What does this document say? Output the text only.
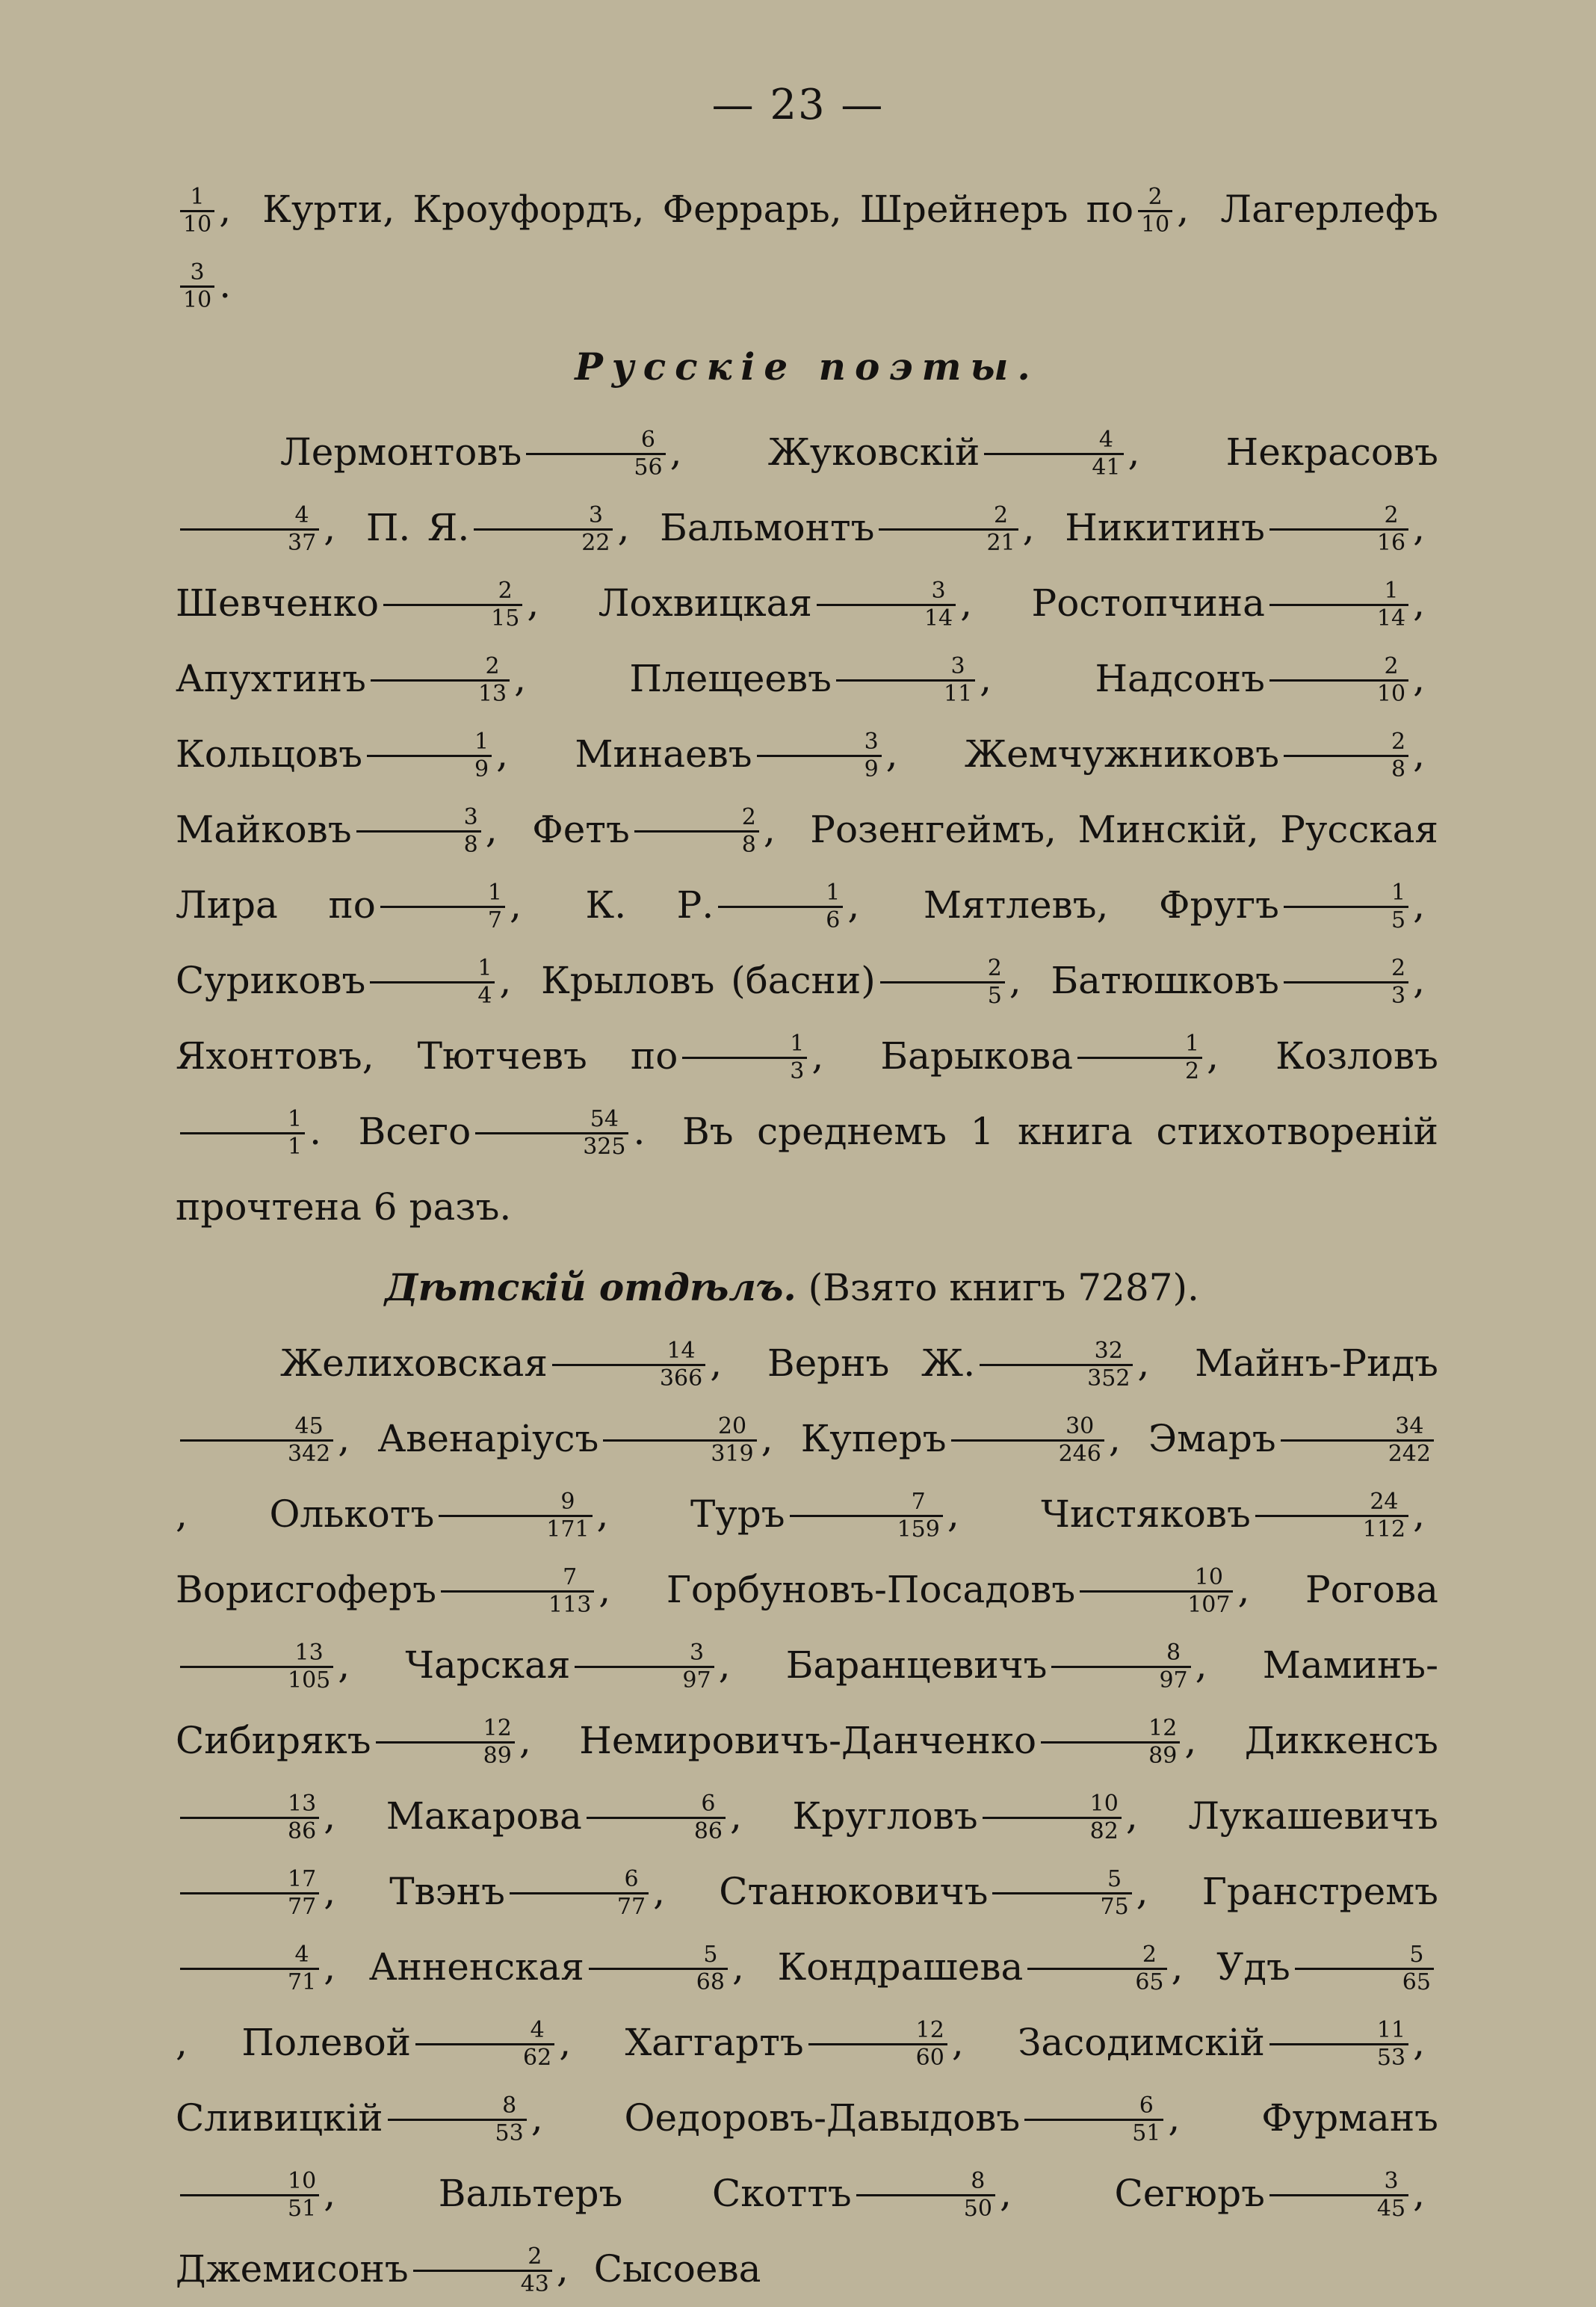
— 23 —

$\frac{1}{10}$ , Курти, Кроуфордъ, Феррарь, Шрейнеръ по $\frac{2}{10}$ , Лагерлефъ
$\frac{3}{10}$ .

Русскіе поэты.

Лермонтовъ $\frac{6}{56}$ , Жуковскій $\frac{4}{41}$ , Некрасовъ
$\frac{4}{37}$ , П. Я. $\frac{3}{22}$ , Бальмонтъ $\frac{2}{21}$ , Никитинъ $\frac{2}{16}$ , Шевченко $\frac{2}{15}$ , Лохвицкая $\frac{3}{14}$ , Ростопчина $\frac{1}{14}$ , Апухтинъ $\frac{2}{13}$ ,	Плещеевъ $\frac{3}{11}$ ,	Надсонъ $\frac{2}{10}$ , Кольцовъ $\frac{1}{9}$ , Минаевъ $\frac{3}{9}$ , Жемчужниковъ $\frac{2}{8}$ , Майковъ $\frac{3}{8}$ , Фетъ $\frac{2}{8}$ , Розенгеймъ, Минскій, Русская Лира по $\frac{1}{7}$ , К. Р. $\frac{1}{6}$ , Мятлевъ, Фругъ $\frac{1}{5}$ , Суриковъ $\frac{1}{4}$ , Крыловъ (басни) $\frac{2}{5}$ , Батюшковъ $\frac{2}{3}$ , Яхонтовъ, Тютчевъ по $\frac{1}{3}$ , Барыкова $\frac{1}{2}$ , Козловъ
$\frac{1}{1}$ . Всего $\frac{54}{325}$ . Въ среднемъ 1 книга стихотвореній прочтена 6 разъ.

Дѣтскій отдѣлъ. (Взято книгъ 7287).

Желиховская $\frac{14}{366}$ , Вернъ Ж. $\frac{32}{352}$ , Майнъ-Ридъ
$\frac{45}{342}$ , Авенаріусъ $\frac{20}{319}$ , Куперъ $\frac{30}{246}$ , Эмаръ $\frac{34}{242}$
, Олькотъ $\frac{9}{171}$ , Туръ $\frac{7}{159}$ , Чистяковъ $\frac{24}{112}$ , Ворисгоферъ $\frac{7}{113}$ , Горбуновъ-Посадовъ $\frac{10}{107}$ , Рогова
$\frac{13}{105}$ , Чарская $\frac{3}{97}$ , Баранцевичъ $\frac{8}{97}$ , Маминъ-Сибирякъ $\frac{12}{89}$ , Немировичъ-Данченко $\frac{12}{89}$ , Диккенсъ
$\frac{13}{86}$ , Макарова $\frac{6}{86}$ , Кругловъ $\frac{10}{82}$ , Лукашевичъ
$\frac{17}{77}$ , Твэнъ $\frac{6}{77}$ , Станюковичъ $\frac{5}{75}$ , Гранстремъ
$\frac{4}{71}$ , Анненская $\frac{5}{68}$ , Кондрашева $\frac{2}{65}$ , Удъ $\frac{5}{65}$
, Полевой $\frac{4}{62}$ , Хаггартъ $\frac{12}{60}$ , Засодимскій $\frac{11}{53}$ , Сливицкій $\frac{8}{53}$ , Оедоровъ-Давыдовъ $\frac{6}{51}$ , Фурманъ
$\frac{10}{51}$ ,	Вальтеръ Скоттъ $\frac{8}{50}$ ,	Сегюръ $\frac{3}{45}$ , Джемисонъ $\frac{2}{43}$ , Сысоева
